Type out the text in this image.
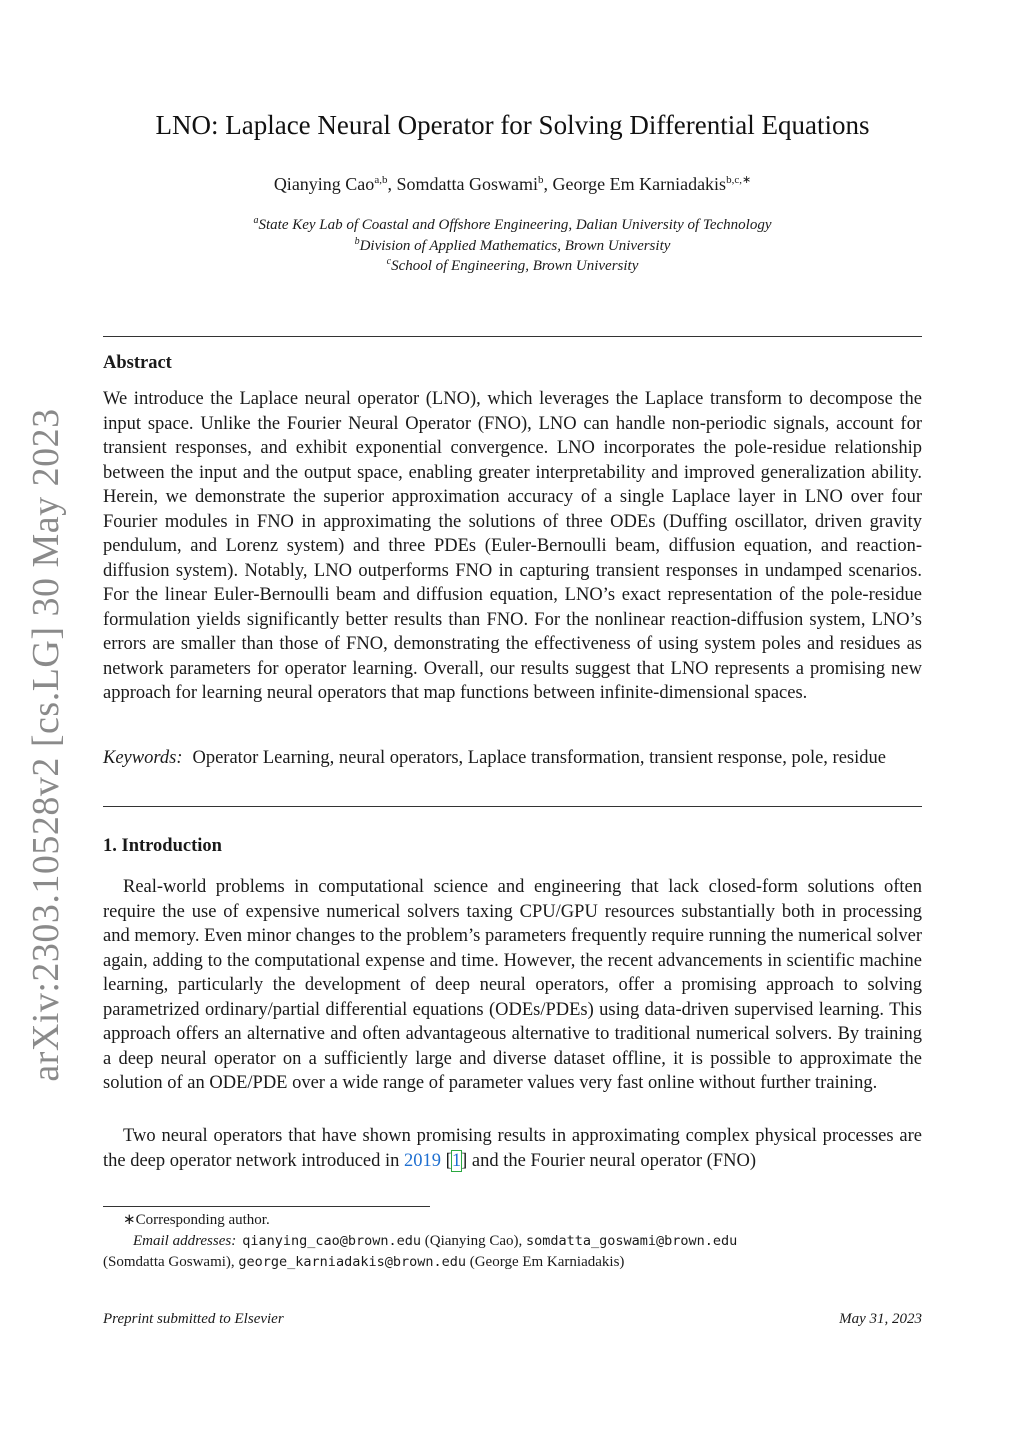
arXiv:2303.10528v2 [cs.LG] 30 May 2023
LNO: Laplace Neural Operator for Solving Differential Equations
Qianying Cao$^{a,b}$, Somdatta Goswami$^b$, George Em Karniadakis$^{b,c,∗}$
$^a$State Key Lab of Coastal and Offshore Engineering, Dalian University of Technology
$^b$Division of Applied Mathematics, Brown University
$^c$School of Engineering, Brown University
Abstract
We introduce the Laplace neural operator (LNO), which leverages the Laplace transform to decompose the input space. Unlike the Fourier Neural Operator (FNO), LNO can handle non-periodic signals, account for transient responses, and exhibit exponential convergence. LNO incorporates the pole-residue relationship between the input and the output space, enabling greater interpretability and improved generalization ability. Herein, we demonstrate the superior approximation accuracy of a single Laplace layer in LNO over four Fourier modules in FNO in approximating the solutions of three ODEs (Duffing oscillator, driven gravity pendulum, and Lorenz system) and three PDEs (Euler-Bernoulli beam, diffusion equation, and reaction-diffusion system). Notably, LNO outperforms FNO in capturing transient responses in undamped scenarios. For the linear Euler-Bernoulli beam and diffusion equation, LNO’s exact representation of the pole-residue formulation yields significantly better results than FNO. For the nonlinear reaction-diffusion system, LNO’s errors are smaller than those of FNO, demonstrating the effectiveness of using system poles and residues as network parameters for operator learning. Overall, our results suggest that LNO represents a promising new approach for learning neural operators that map functions between infinite-dimensional spaces.
Keywords: Operator Learning, neural operators, Laplace transformation, transient response, pole, residue
1. Introduction
Real-world problems in computational science and engineering that lack closed-form solutions often require the use of expensive numerical solvers taxing CPU/GPU resources substantially both in processing and memory. Even minor changes to the problem’s parameters frequently require running the numerical solver again, adding to the computational expense and time. However, the recent advancements in scientific machine learning, particularly the development of deep neural operators, offer a promising approach to solving parametrized ordinary/partial differential equations (ODEs/PDEs) using data-driven supervised learning. This approach offers an alternative and often advantageous alternative to traditional numerical solvers. By training a deep neural operator on a sufficiently large and diverse dataset offline, it is possible to approximate the solution of an ODE/PDE over a wide range of parameter values very fast online without further training.
Two neural operators that have shown promising results in approximating complex physical processes are the deep operator network introduced in 2019 [1] and the Fourier neural operator (FNO)
∗Corresponding author.
Email addresses: qianying_cao@brown.edu (Qianying Cao), somdatta_goswami@brown.edu
(Somdatta Goswami), george_karniadakis@brown.edu (George Em Karniadakis)
Preprint submitted to Elsevier	May 31, 2023
